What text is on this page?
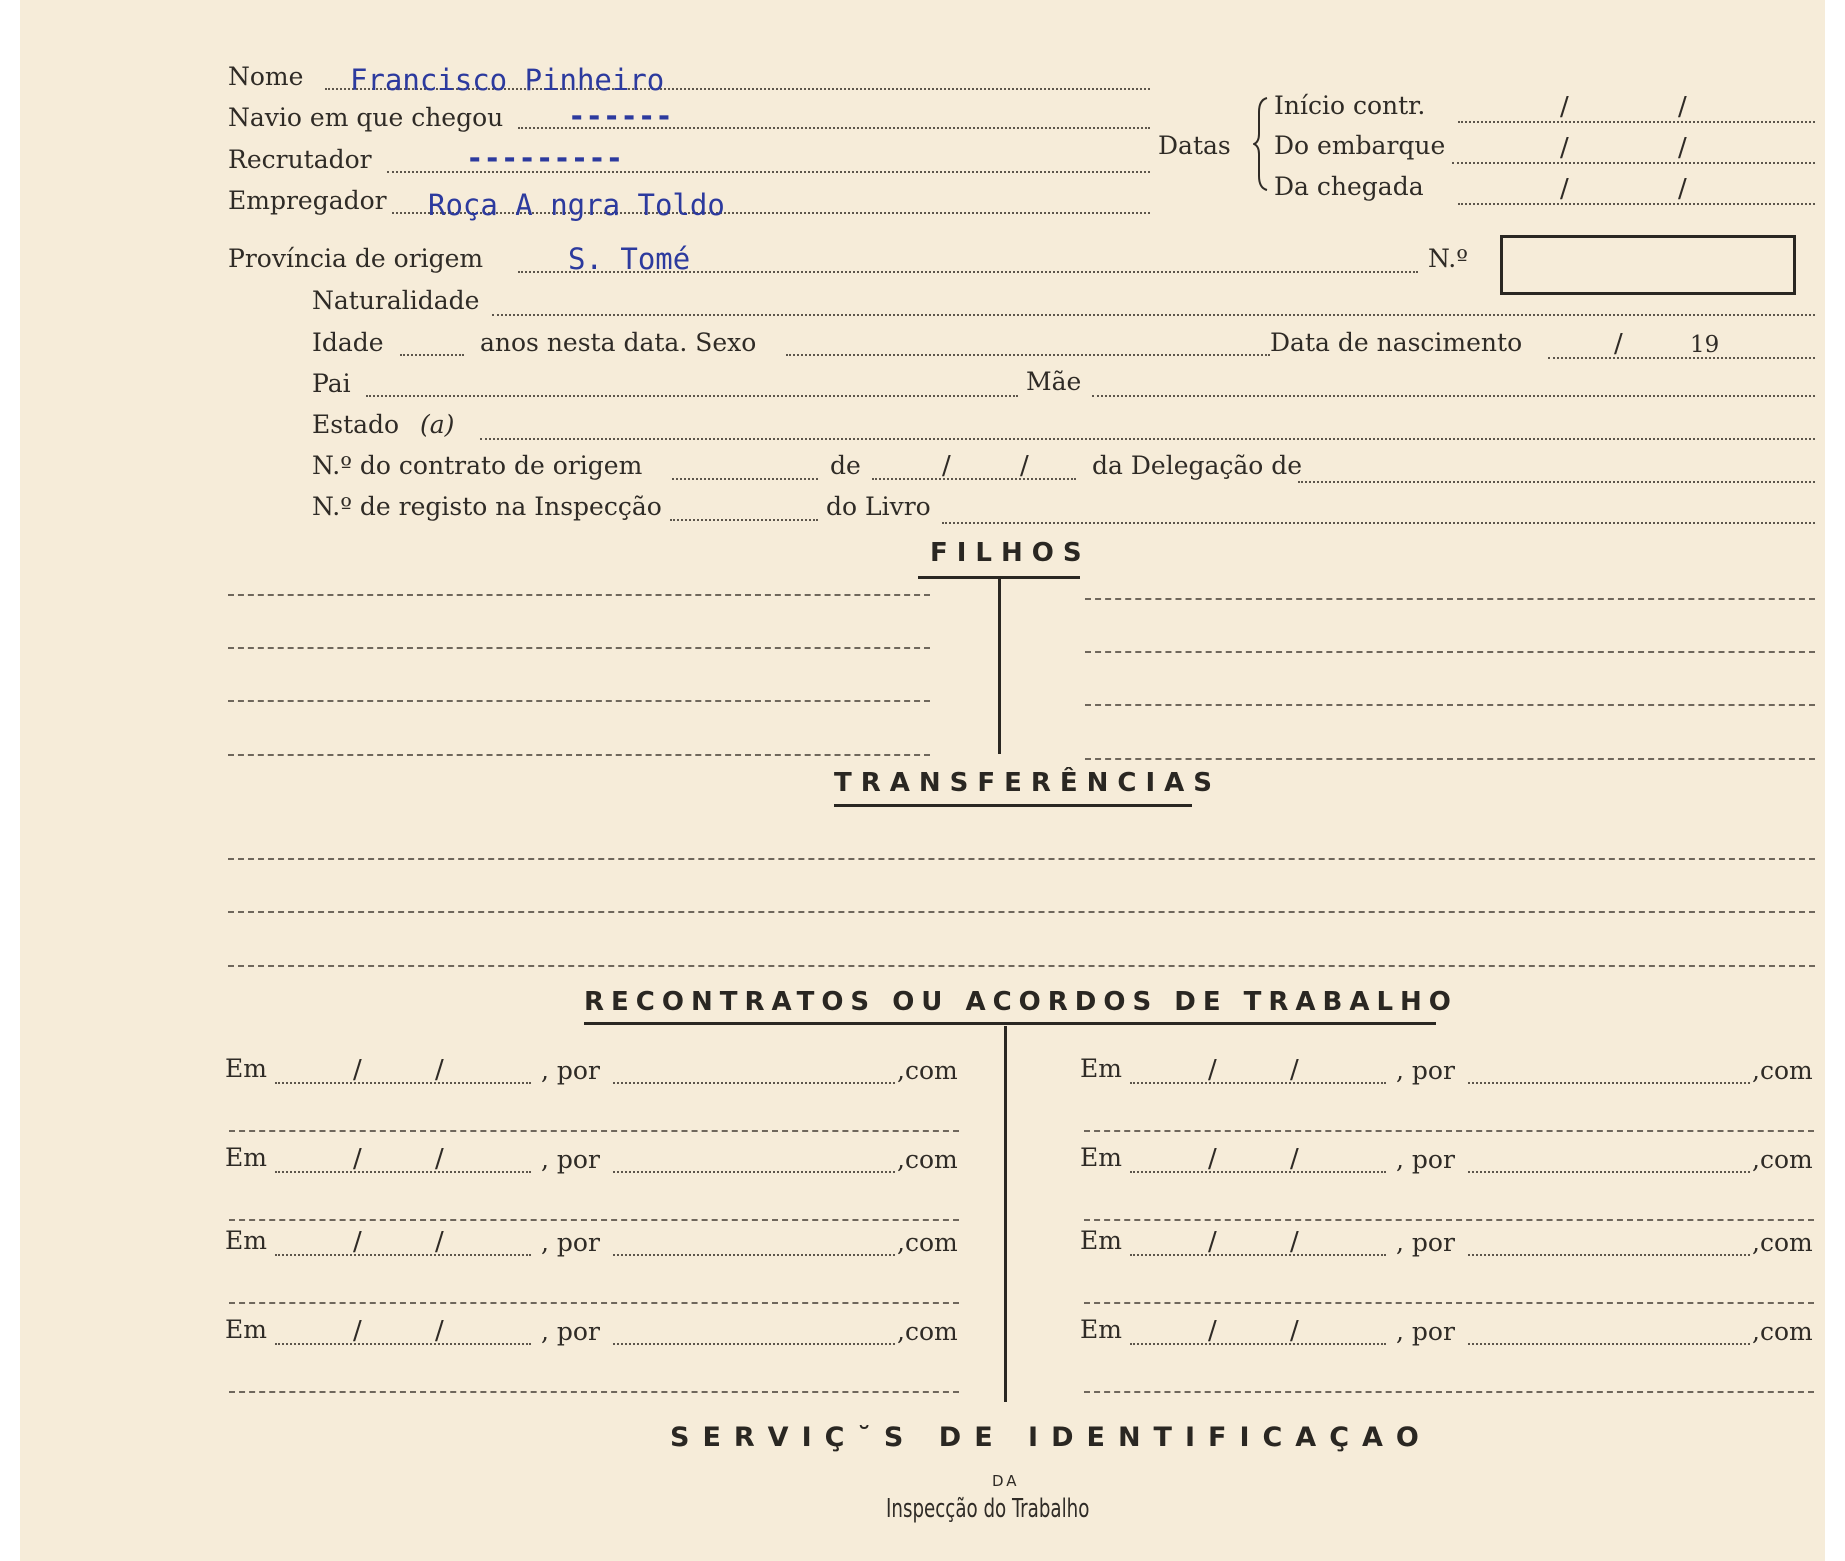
Nome Francisco Pinheiro
Navio em que chegou ------
Recrutador	---------
Empregador Roça A ngra Toldo
Datas
Início contr.	/	/
Do embarque	/	/
Da chegada	/	/
Província de origem	S. Tomé	N.º
Naturalidade
Idade	anos nesta data. Sexo	Data de nascimento	/	19
Pai	Mãe
Estado (a)
N.º do contrato de origem	de	/	/	da Delegação de
N.º de registo na Inspecção	do Livro
FILHOS
TRANSFERÊNCIAS
RECONTRATOS OU ACORDOS DE TRABALHO
Em	/	/	, por	,com
Em	/	/	, por	,com
Em	/	/	, por	,com
Em	/	/	, por	,com
Em	/	/	, por	,com
Em	/	/	, por	,com
Em	/	/	, por	,com
Em	/	/	, por	,com
SERVIÇ˘S DE IDENTIFICAÇAO
DA
Inspecção do Trabalho
